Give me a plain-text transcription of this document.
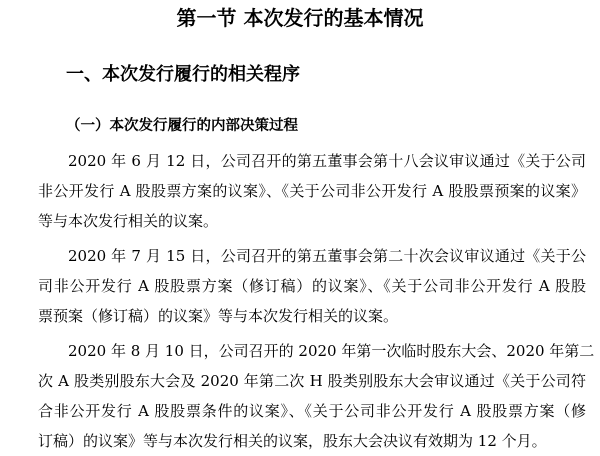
第一节 本次发行的基本情况
一、本次发行履行的相关程序
（一）本次发行履行的内部决策过程

2020 年 6 月 12 日，公司召开的第五董事会第十八会议审议通过《关于公司
非公开发行 A 股股票方案的议案》、《关于公司非公开发行 A 股股票预案的议案》
等与本次发行相关的议案。

2020 年 7 月 15 日，公司召开的第五董事会第二十次会议审议通过《关于公
司非公开发行 A 股股票方案（修订稿）的议案》、《关于公司非公开发行 A 股股
票预案（修订稿）的议案》等与本次发行相关的议案。

2020 年 8 月 10 日，公司召开的 2020 年第一次临时股东大会、2020 年第二
次 A 股类别股东大会及 2020 年第二次 H 股类别股东大会审议通过《关于公司符
合非公开发行 A 股股票条件的议案》、《关于公司非公开发行 A 股股票方案（修
订稿）的议案》等与本次发行相关的议案，股东大会决议有效期为 12 个月。
